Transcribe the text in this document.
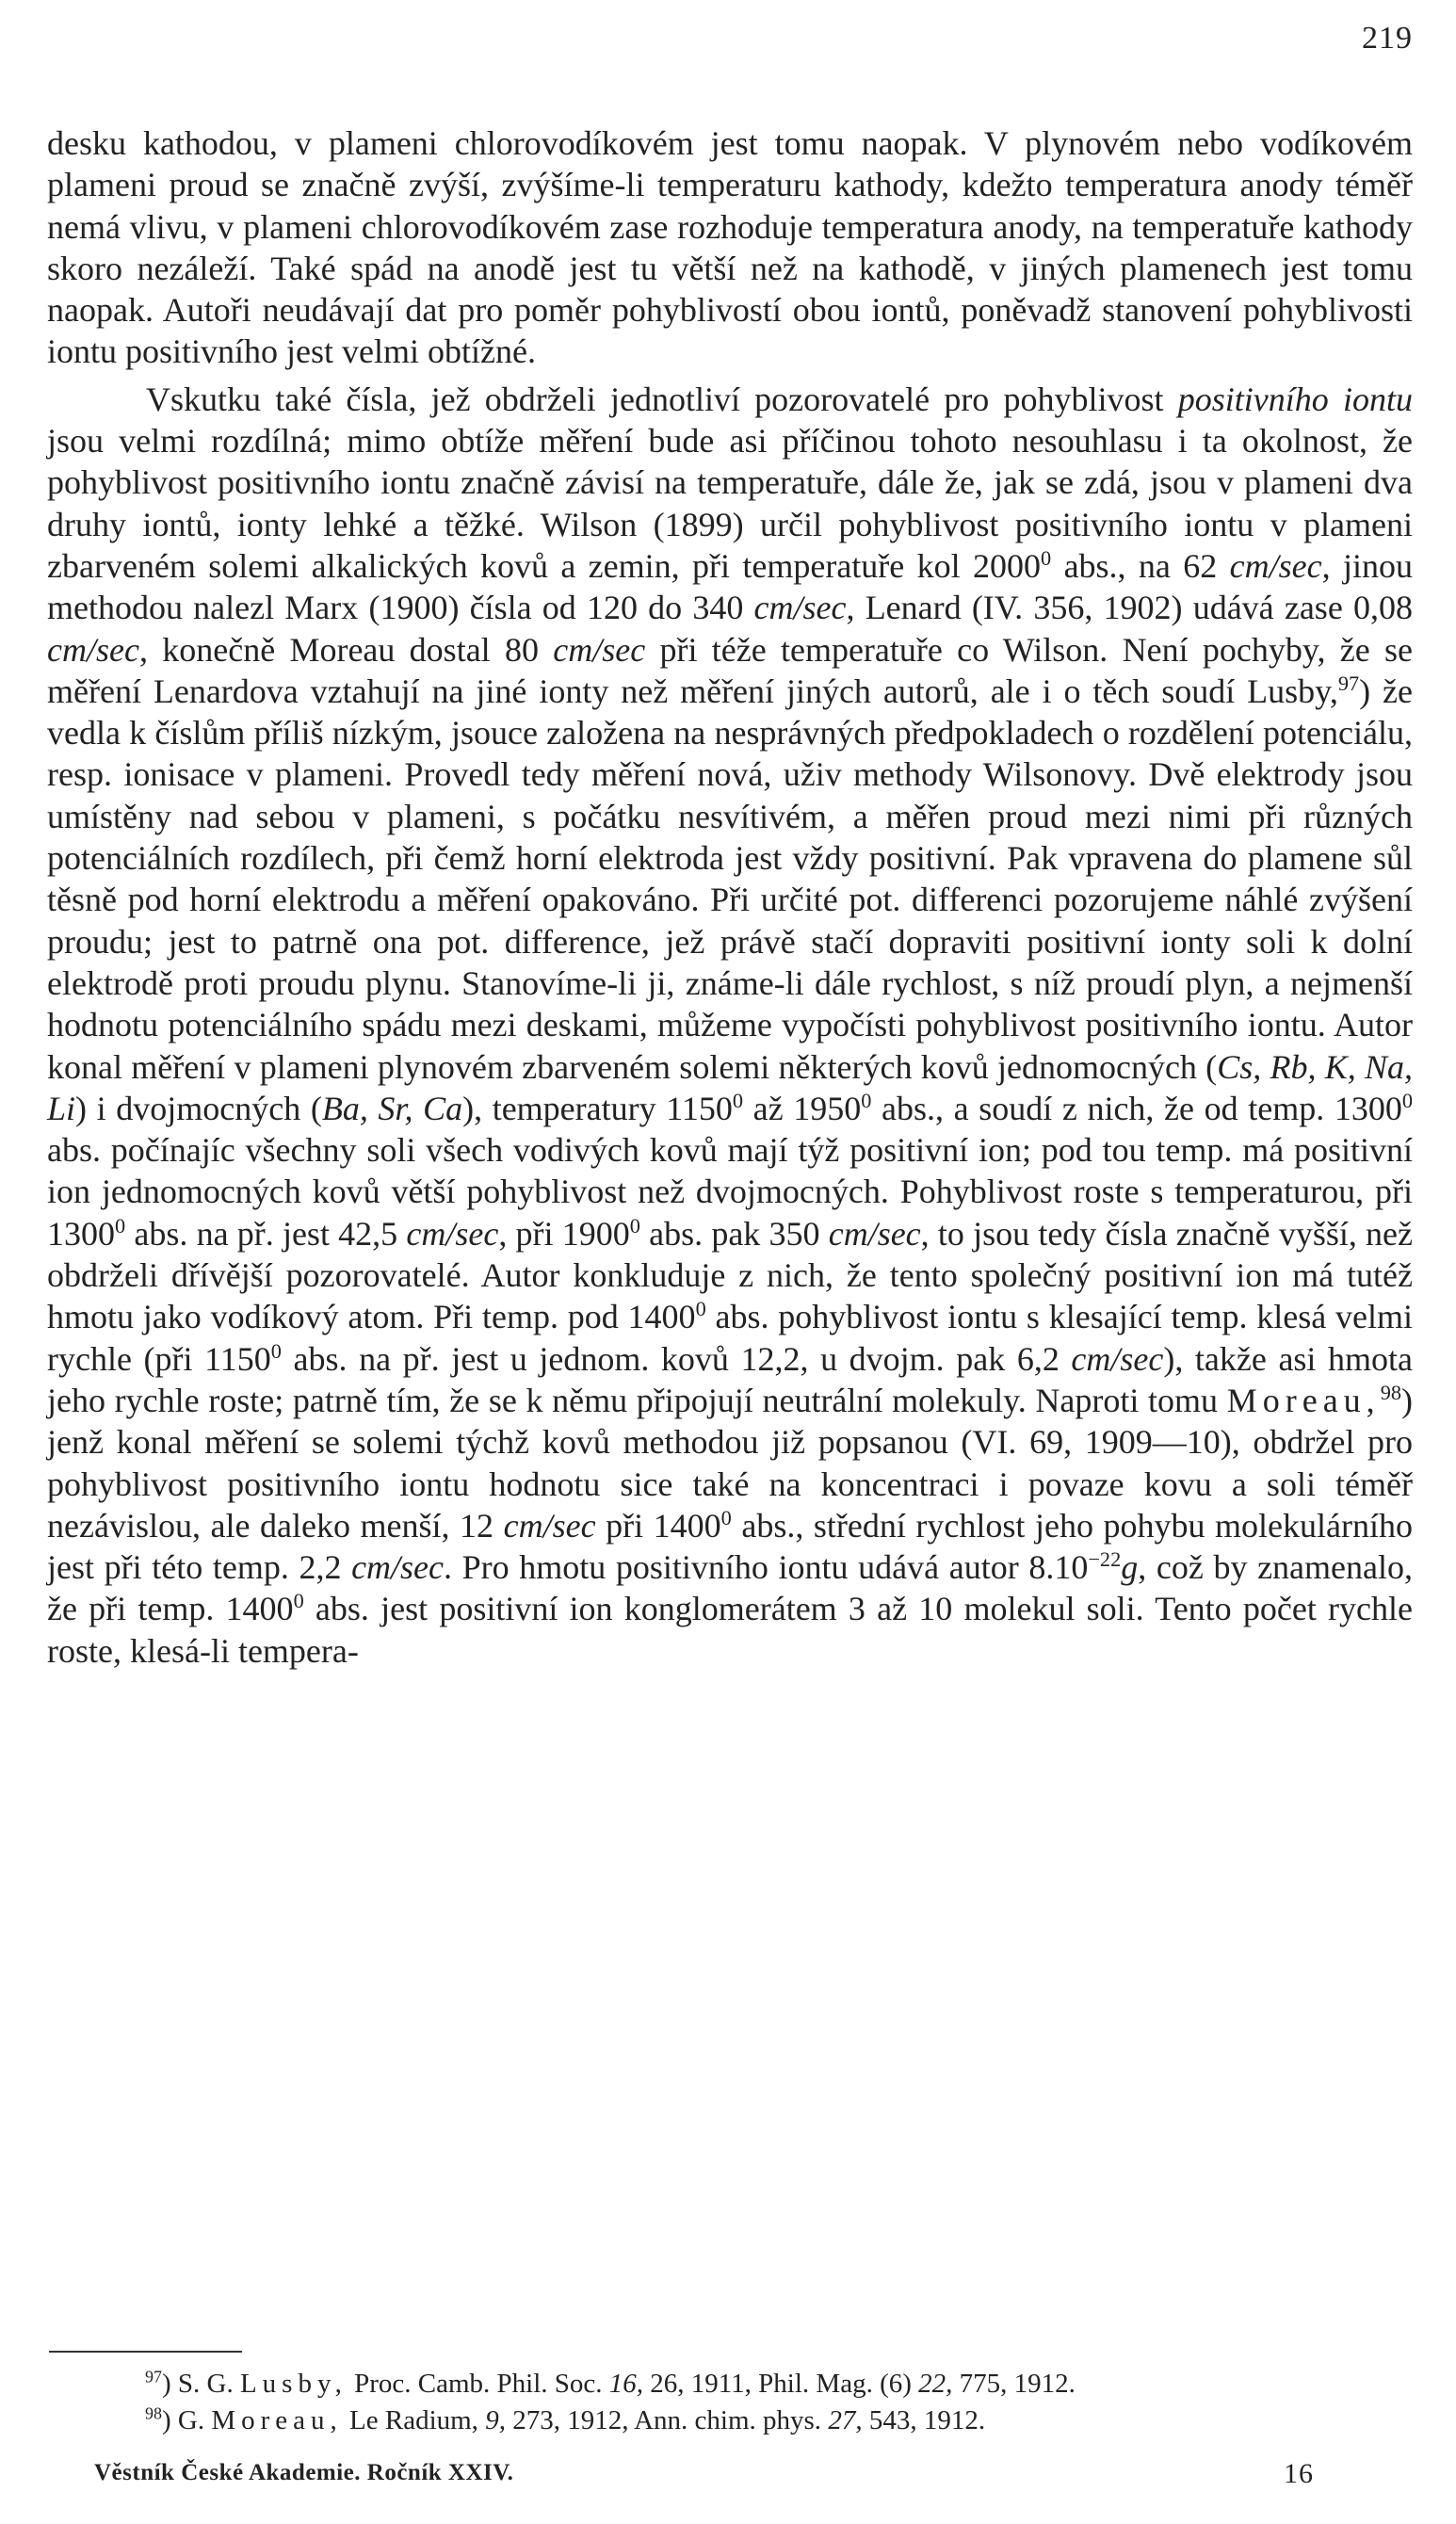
219

desku kathodou, v plameni chlorovodíkovém jest tomu naopak. V plynovém nebo vodíkovém plameni proud se značně zvýší, zvýšíme-li temperaturu kathody, kdežto temperatura anody téměř nemá vlivu, v plameni chlorovodíkovém zase rozhoduje temperatura anody, na temperatuře kathody skoro nezáleží. Také spád na anodě jest tu větší než na kathodě, v jiných plamenech jest tomu naopak. Autoři neudávají dat pro poměr pohyblivostí obou iontů, poněvadž stanovení pohyblivosti iontu positivního jest velmi obtížné.

Vskutku také čísla, jež obdrželi jednotliví pozorovatelé pro pohyblivost positivního iontu jsou velmi rozdílná; mimo obtíže měření bude asi příčinou tohoto nesouhlasu i ta okolnost, že pohyblivost positivního iontu značně závisí na temperatuře, dále že, jak se zdá, jsou v plameni dva druhy iontů, ionty lehké a těžké. Wilson (1899) určil pohyblivost positivního iontu v plameni zbarveném solemi alkalických kovů a zemin, při temperatuře kol 2000$^0$ abs., na 62 cm/sec, jinou methodou nalezl Marx (1900) čísla od 120 do 340 cm/sec, Lenard (IV. 356, 1902) udává zase 0,08 cm/sec, konečně Moreau dostal 80 cm/sec při téže temperatuře co Wilson. Není pochyby, že se měření Lenardova vztahují na jiné ionty než měření jiných autorů, ale i o těch soudí Lusby,$^{97}$) že vedla k číslům příliš nízkým, jsouce založena na nesprávných předpokladech o rozdělení potenciálu, resp. ionisace v plameni. Provedl tedy měření nová, uživ methody Wilsonovy. Dvě elektrody jsou umístěny nad sebou v plameni, s počátku nesvítivém, a měřen proud mezi nimi při různých potenciálních rozdílech, při čemž horní elektroda jest vždy positivní. Pak vpravena do plamene sůl těsně pod horní elektrodu a měření opakováno. Při určité pot. differenci pozorujeme náhlé zvýšení proudu; jest to patrně ona pot. difference, jež právě stačí dopraviti positivní ionty soli k dolní elektrodě proti proudu plynu. Stanovíme-li ji, známe-li dále rychlost, s níž proudí plyn, a nejmenší hodnotu potenciálního spádu mezi deskami, můžeme vypočísti pohyblivost positivního iontu. Autor konal měření v plameni plynovém zbarveném solemi některých kovů jednomocných (Cs, Rb, K, Na, Li) i dvojmocných (Ba, Sr, Ca), temperatury 1150$^0$ až 1950$^0$ abs., a soudí z nich, že od temp. 1300$^0$ abs. počínajíc všechny soli všech vodivých kovů mají týž positivní ion; pod tou temp. má positivní ion jednomocných kovů větší pohyblivost než dvojmocných. Pohyblivost roste s temperaturou, při 1300$^0$ abs. na př. jest 42,5 cm/sec, při 1900$^0$ abs. pak 350 cm/sec, to jsou tedy čísla značně vyšší, než obdrželi dřívější pozorovatelé. Autor konkluduje z nich, že tento společný positivní ion má tutéž hmotu jako vodíkový atom. Při temp. pod 1400$^0$ abs. pohyblivost iontu s klesající temp. klesá velmi rychle (při 1150$^0$ abs. na př. jest u jednom. kovů 12,2, u dvojm. pak 6,2 cm/sec), takže asi hmota jeho rychle roste; patrně tím, že se k němu připojují neutrální molekuly. Naproti tomu Moreau,$^{98}$) jenž konal měření se solemi týchž kovů methodou již popsanou (VI. 69, 1909—10), obdržel pro pohyblivost positivního iontu hodnotu sice také na koncentraci i povaze kovu a soli téměř nezávislou, ale daleko menší, 12 cm/sec při 1400$^0$ abs., střední rychlost jeho pohybu molekulárního jest při této temp. 2,2 cm/sec. Pro hmotu positivního iontu udává autor $8.10^{-22}g$, což by znamenalo, že při temp. 1400$^0$ abs. jest positivní ion konglomerátem 3 až 10 molekul soli. Tento počet rychle roste, klesá-li tempera-

$^{97}$) S. G. Lusby, Proc. Camb. Phil. Soc. 16, 26, 1911, Phil. Mag. (6) 22, 775, 1912.

$^{98}$) G. Moreau, Le Radium, 9, 273, 1912, Ann. chim. phys. 27, 543, 1912.

Věstník České Akademie. Ročník XXIV.	16
